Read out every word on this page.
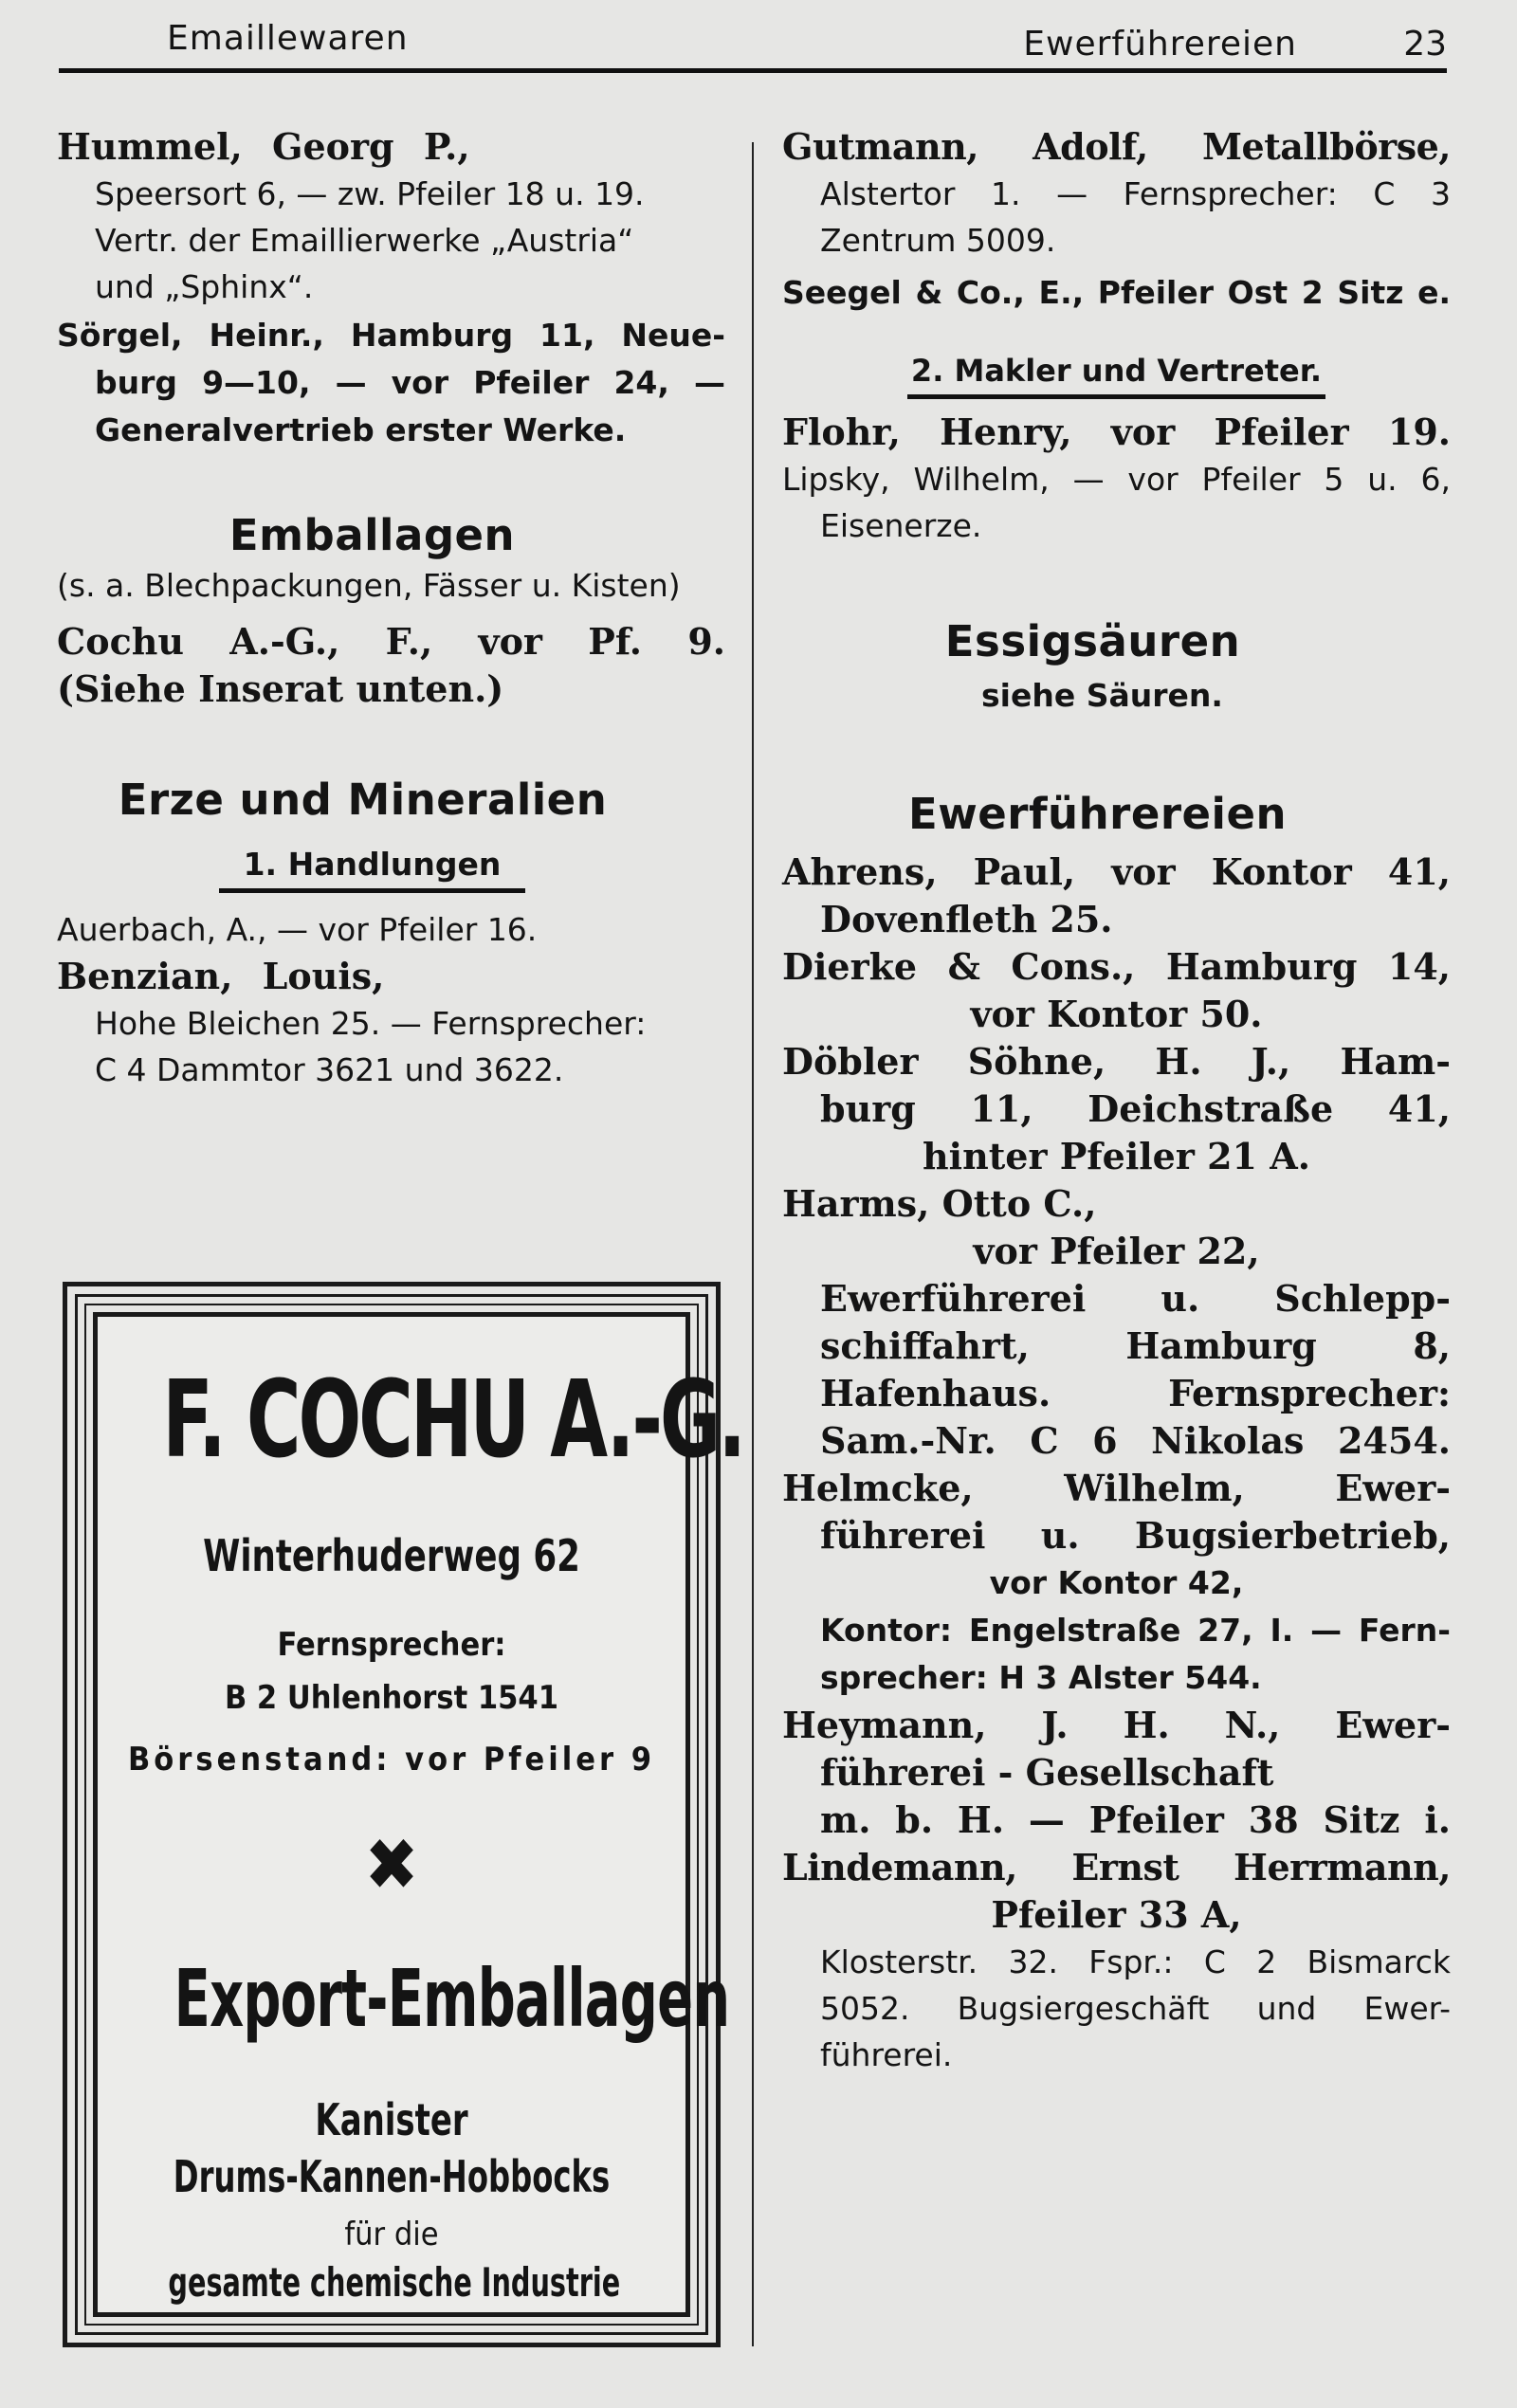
Emaillewaren	Ewerführereien	23

Hummel, Georg P.,

Speersort 6, — zw. Pfeiler 18 u. 19.

Vertr. der Emaillierwerke „Austria“

und „Sphinx“.

Sörgel, Heinr., Hamburg 11, Neue-

burg 9—10, — vor Pfeiler 24, —

Generalvertrieb erster Werke.

Emballagen

(s. a. Blechpackungen, Fässer u. Kisten)

Cochu A.-G., F., vor Pf. 9.

(Siehe Inserat unten.)

Erze und Mineralien

1. Handlungen

Auerbach, A., — vor Pfeiler 16.

Benzian, Louis,

Hohe Bleichen 25. — Fernsprecher:

C 4 Dammtor 3621 und 3622.

F. COCHU A.-G.
Winterhuderweg 62
Fernsprecher:
B 2 Uhlenhorst 1541
Börsenstand: vor Pfeiler 9
✖
Export-Emballagen
Kanister
Drums-Kannen-Hobbocks
für die
gesamte chemische Industrie

Gutmann, Adolf, Metallbörse,

Alstertor 1. — Fernsprecher: C 3

Zentrum 5009.

Seegel & Co., E., Pfeiler Ost 2 Sitz e.

2. Makler und Vertreter.

Flohr, Henry, vor Pfeiler 19.

Lipsky, Wilhelm, — vor Pfeiler 5 u. 6,

Eisenerze.

Essigsäuren

siehe Säuren.

Ewerführereien

Ahrens, Paul, vor Kontor 41,

Dovenfleth 25.

Dierke & Cons., Hamburg 14,

vor Kontor 50.

Döbler Söhne, H. J., Ham-

burg 11, Deichstraße 41,

hinter Pfeiler 21 A.

Harms, Otto C.,

vor Pfeiler 22,

Ewerführerei u. Schlepp-

schiffahrt, Hamburg 8,

Hafenhaus. Fernsprecher:

Sam.-Nr. C 6 Nikolas 2454.

Helmcke, Wilhelm, Ewer-

führerei u. Bugsierbetrieb,

vor Kontor 42,

Kontor: Engelstraße 27, I. — Fern-

sprecher: H 3 Alster 544.

Heymann, J. H. N., Ewer-

führerei - Gesellschaft

m. b. H. — Pfeiler 38 Sitz i.

Lindemann, Ernst Herrmann,

Pfeiler 33 A,

Klosterstr. 32. Fspr.: C 2 Bismarck

5052. Bugsiergeschäft und Ewer-

führerei.
